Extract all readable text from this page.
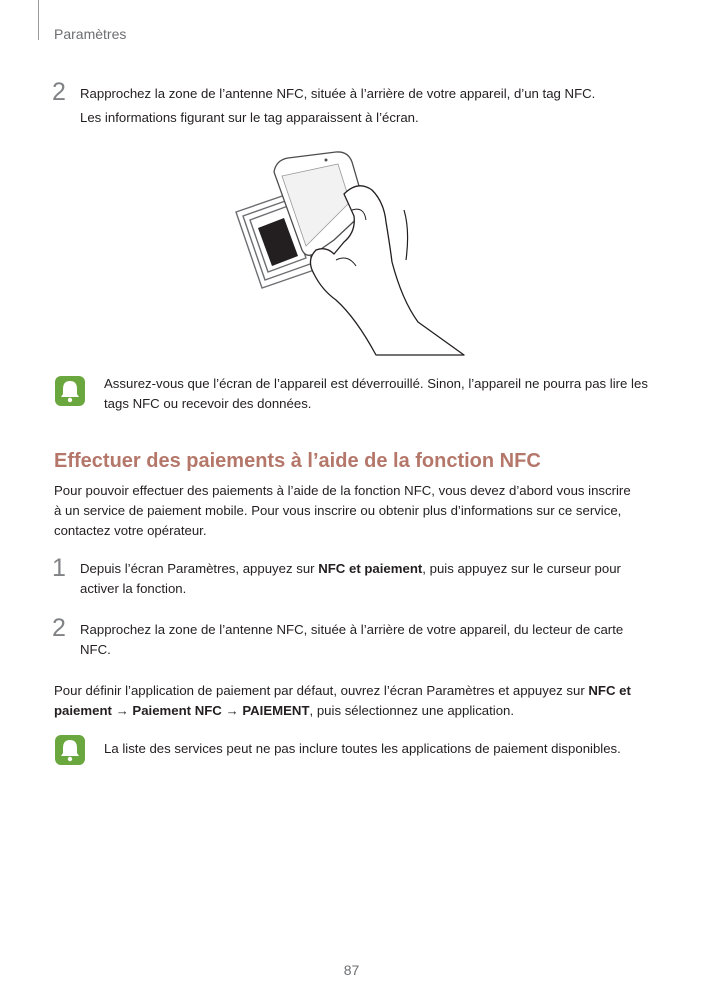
Paramètres
2 Rapprochez la zone de l’antenne NFC, située à l’arrière de votre appareil, d’un tag NFC.
Les informations figurant sur le tag apparaissent à l’écran.
Assurez-vous que l’écran de l’appareil est déverrouillé. Sinon, l’appareil ne pourra pas lire les
tags NFC ou recevoir des données.
Effectuer des paiements à l’aide de la fonction NFC
Pour pouvoir effectuer des paiements à l’aide de la fonction NFC, vous devez d’abord vous inscrire
à un service de paiement mobile. Pour vous inscrire ou obtenir plus d’informations sur ce service,
contactez votre opérateur.
1 Depuis l’écran Paramètres, appuyez sur NFC et paiement, puis appuyez sur le curseur pour
activer la fonction.
2 Rapprochez la zone de l’antenne NFC, située à l’arrière de votre appareil, du lecteur de carte
NFC.
Pour définir l’application de paiement par défaut, ouvrez l’écran Paramètres et appuyez sur NFC et
paiement → Paiement NFC → PAIEMENT, puis sélectionnez une application.
La liste des services peut ne pas inclure toutes les applications de paiement disponibles.
87
